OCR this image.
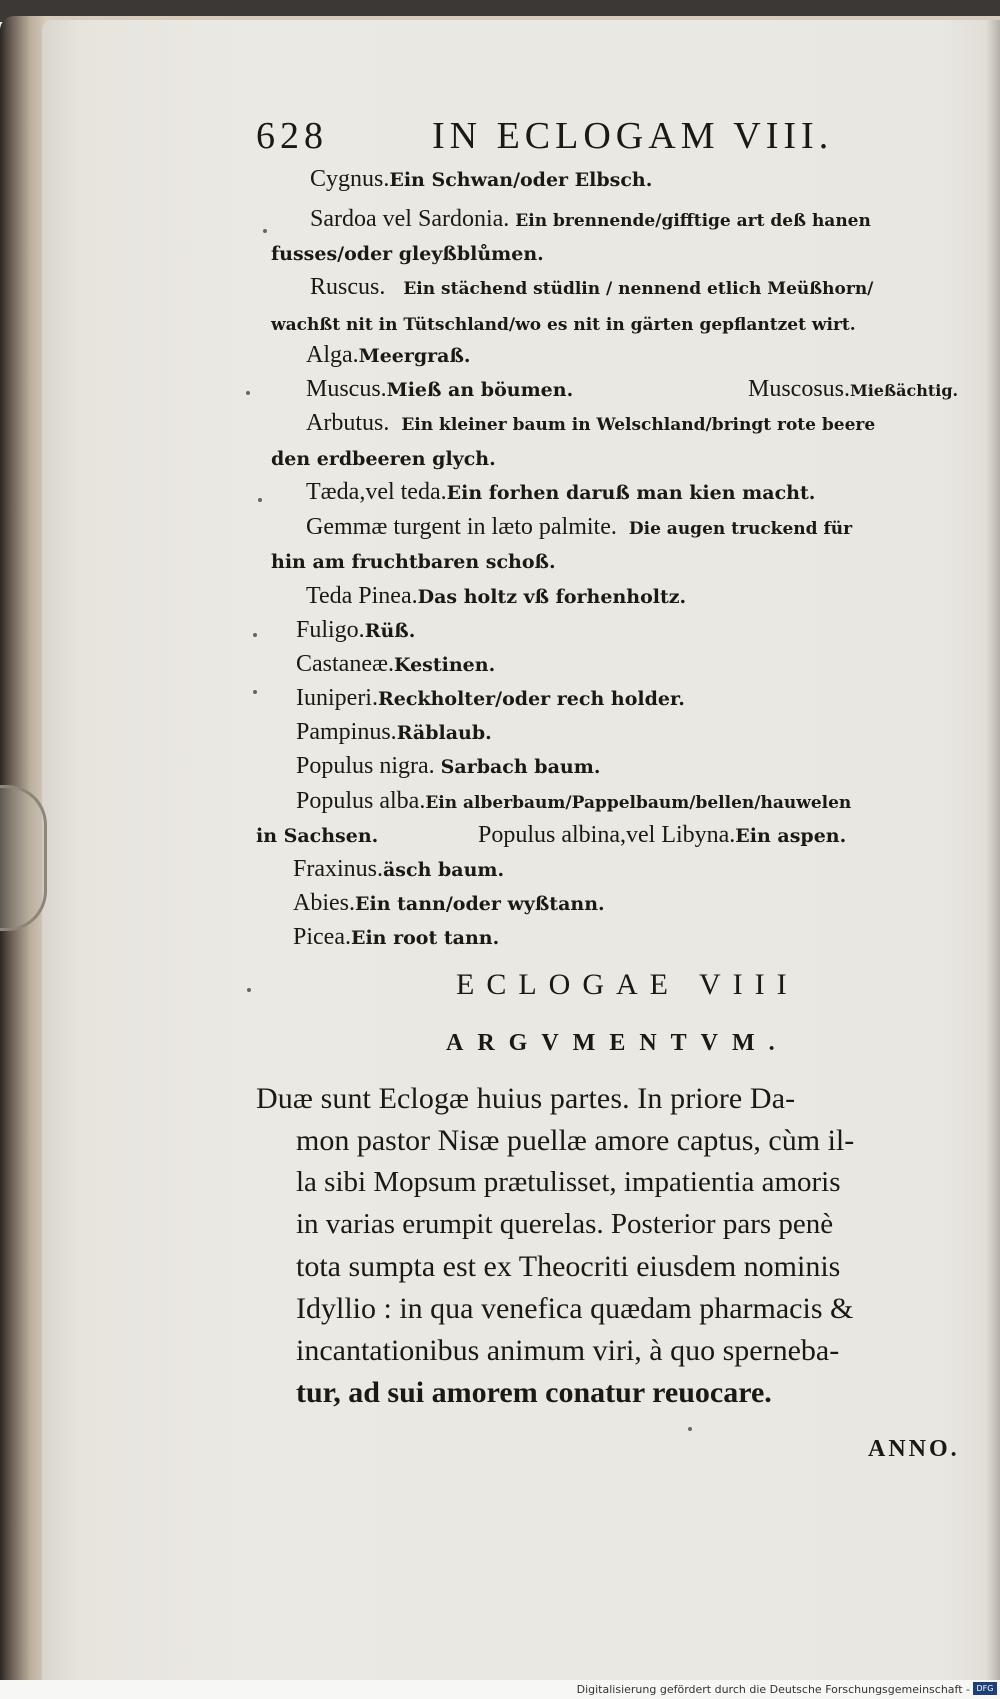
628	IN ECLOGAM VIII.
Cygnus.Ein Schwan/oder Elbsch.
Sardoa vel Sardonia. Ein brennende/gifftige art deß hanen
fusses/oder gleyßblůmen.
Ruscus. Ein stächend stüdlin / nennend etlich Meüßhorn/
wachßt nit in Tütschland/wo es nit in gärten gepflantzet wirt.
Alga.Meergraß.
Muscus.Mieß an böumen.	Muscosus.Mießächtig.
Arbutus. Ein kleiner baum in Welschland/bringt rote beere
den erdbeeren glych.
Tæda,vel teda.Ein forhen daruß man kien macht.
Gemmæ turgent in læto palmite. Die augen truckend für
hin am fruchtbaren schoß.
Teda Pinea.Das holtz vß forhenholtz.
Fuligo.Rüß.
Castaneæ.Kestinen.
Iuniperi.Reckholter/oder rech holder.
Pampinus.Räblaub.
Populus nigra. Sarbach baum.
Populus alba.Ein alberbaum/Pappelbaum/bellen/hauwelen
in Sachsen.	Populus albina,vel Libyna.Ein aspen.
Fraxinus.äsch baum.
Abies.Ein tann/oder wyßtann.
Picea.Ein root tann.
ECLOGAE VIII
ARGVMENTVM.
Duæ sunt Eclogæ huius partes. In priore Da-
mon pastor Nisæ puellæ amore captus, cùm il-
la sibi Mopsum prætulisset, impatientia amoris
in varias erumpit querelas. Posterior pars penè
tota sumpta est ex Theocriti eiusdem nominis
Idyllio : in qua venefica quædam pharmacis &
incantationibus animum viri, à quo sperneba-
tur, ad sui amorem conatur reuocare.
ANNO.
Digitalisierung gefördert durch die Deutsche Forschungsgemeinschaft - DFG
